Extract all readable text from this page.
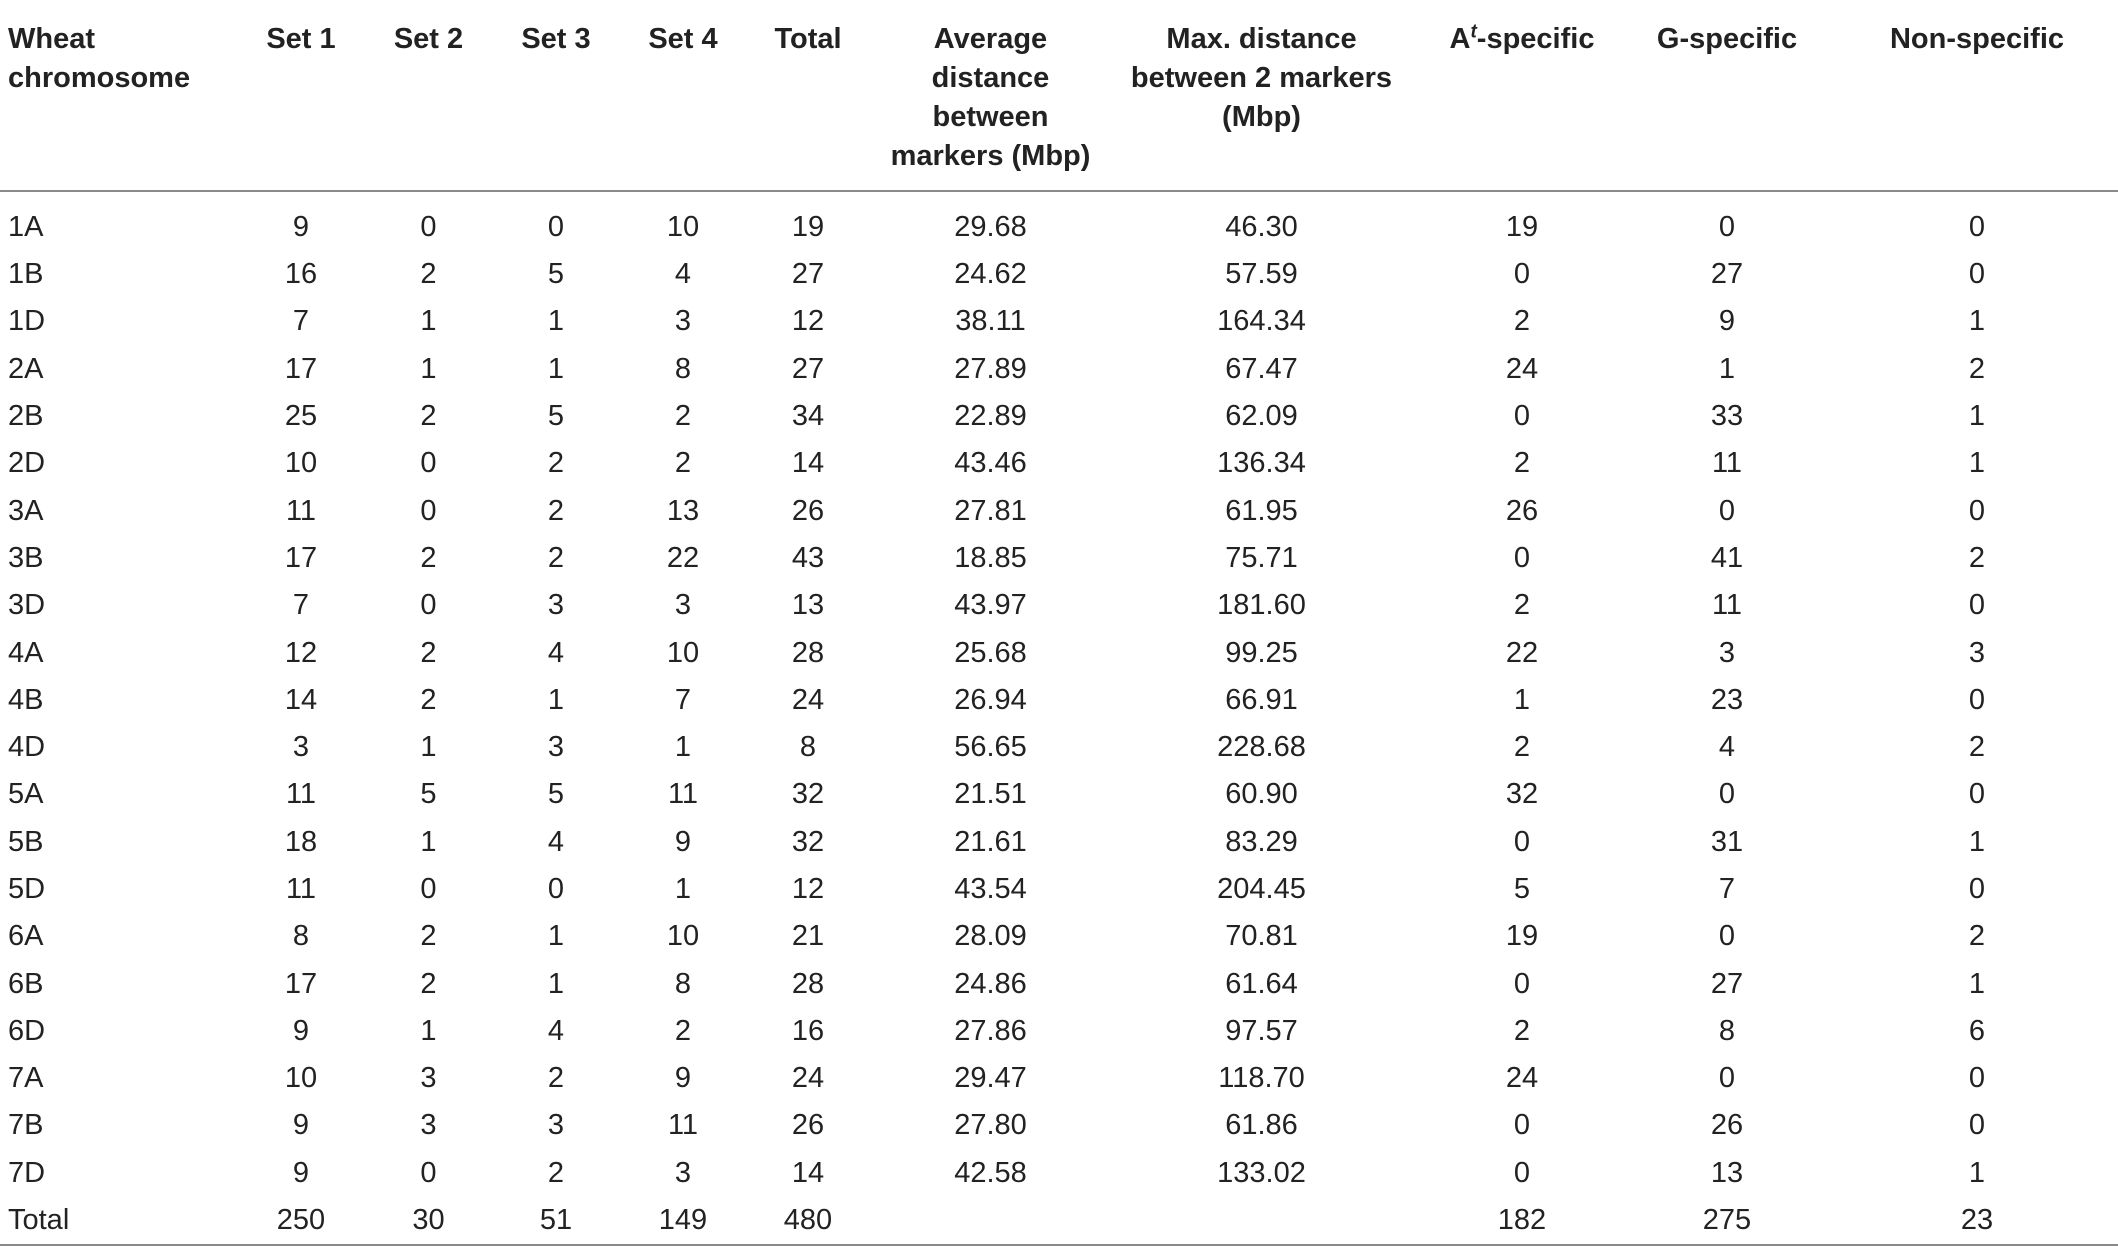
Wheat chromosome	Set 1	Set 2	Set 3	Set 4	Total	Average distance between markers (Mbp)	Max. distance between 2 markers (Mbp)	$A^t$-specific	G-specific	Non-specific
1A	9	0	0	10	19	29.68	46.30	19	0	0
1B	16	2	5	4	27	24.62	57.59	0	27	0
1D	7	1	1	3	12	38.11	164.34	2	9	1
2A	17	1	1	8	27	27.89	67.47	24	1	2
2B	25	2	5	2	34	22.89	62.09	0	33	1
2D	10	0	2	2	14	43.46	136.34	2	11	1
3A	11	0	2	13	26	27.81	61.95	26	0	0
3B	17	2	2	22	43	18.85	75.71	0	41	2
3D	7	0	3	3	13	43.97	181.60	2	11	0
4A	12	2	4	10	28	25.68	99.25	22	3	3
4B	14	2	1	7	24	26.94	66.91	1	23	0
4D	3	1	3	1	8	56.65	228.68	2	4	2
5A	11	5	5	11	32	21.51	60.90	32	0	0
5B	18	1	4	9	32	21.61	83.29	0	31	1
5D	11	0	0	1	12	43.54	204.45	5	7	0
6A	8	2	1	10	21	28.09	70.81	19	0	2
6B	17	2	1	8	28	24.86	61.64	0	27	1
6D	9	1	4	2	16	27.86	97.57	2	8	6
7A	10	3	2	9	24	29.47	118.70	24	0	0
7B	9	3	3	11	26	27.80	61.86	0	26	0
7D	9	0	2	3	14	42.58	133.02	0	13	1
Total	250	30	51	149	480			182	275	23
